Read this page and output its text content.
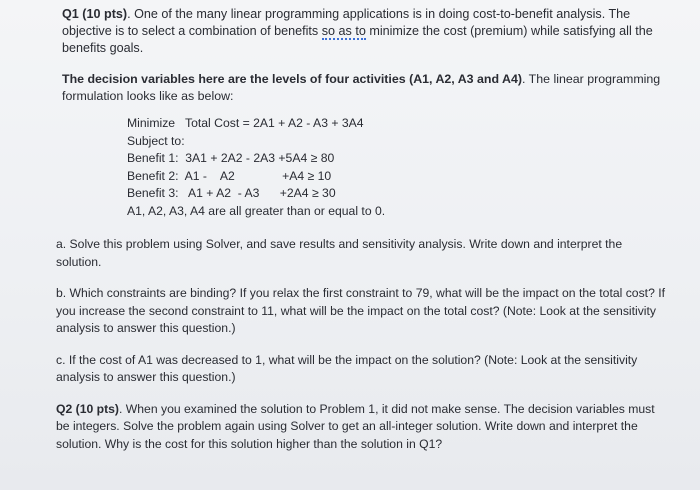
Q1 (10 pts). One of the many linear programming applications is in doing cost-to-benefit analysis. The objective is to select a combination of benefits so as to minimize the cost (premium) while satisfying all the benefits goals.

The decision variables here are the levels of four activities (A1, A2, A3 and A4). The linear programming formulation looks like as below:

Minimize   Total Cost = 2A1 + A2 - A3 + 3A4
Subject to:
Benefit 1:  3A1 + 2A2 - 2A3 +5A4 ≥ 80
Benefit 2:  A1 -    A2              +A4 ≥ 10
Benefit 3:   A1 + A2  - A3      +2A4 ≥ 30
A1, A2, A3, A4 are all greater than or equal to 0.

a. Solve this problem using Solver, and save results and sensitivity analysis. Write down and interpret the solution.

b. Which constraints are binding? If you relax the first constraint to 79, what will be the impact on the total cost? If you increase the second constraint to 11, what will be the impact on the total cost? (Note: Look at the sensitivity analysis to answer this question.)

c. If the cost of A1 was decreased to 1, what will be the impact on the solution? (Note: Look at the sensitivity analysis to answer this question.)

Q2 (10 pts). When you examined the solution to Problem 1, it did not make sense. The decision variables must be integers. Solve the problem again using Solver to get an all-integer solution. Write down and interpret the solution. Why is the cost for this solution higher than the solution in Q1?
